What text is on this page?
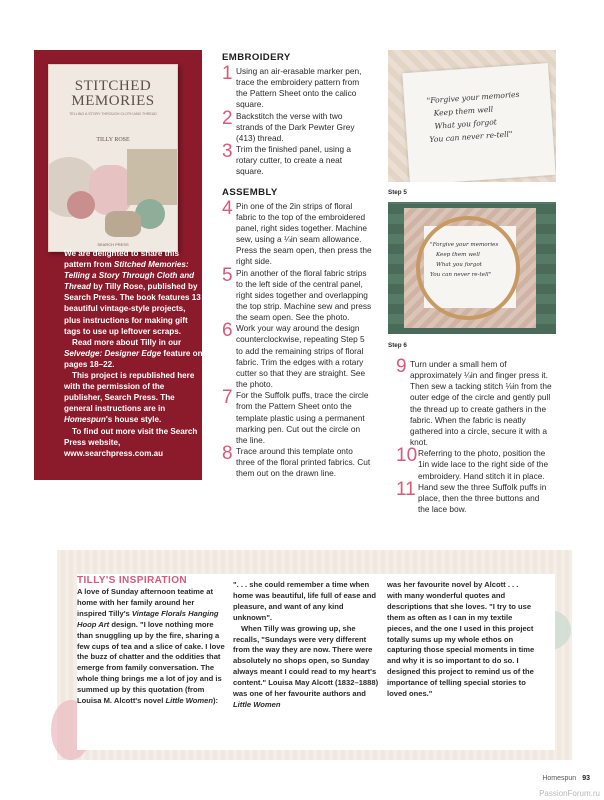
STITCHED
MEMORIES
TELLING A STORY THROUGH CLOTH AND THREAD
TILLY ROSE
SEARCH PRESS

We are delighted to share this pattern from Stitched Memories: Telling a Story Through Cloth and Thread by Tilly Rose, published by Search Press. The book features 13 beautiful vintage-style projects, plus instructions for making gift tags to use up leftover scraps.

Read more about Tilly in our Selvedge: Designer Edge feature on pages 18–22.

This project is republished here with the permission of the publisher, Search Press. The general instructions are in Homespun's house style.

To find out more visit the Search Press website,

www.searchpress.com.au

EMBROIDERY

1 Using an air-erasable marker pen, trace the embroidery pattern from the Pattern Sheet onto the calico square.

2 Backstitch the verse with two strands of the Dark Pewter Grey (413) thread.

3 Trim the finished panel, using a rotary cutter, to create a neat square.

ASSEMBLY

4 Pin one of the 2in strips of floral fabric to the top of the embroidered panel, right sides together. Machine sew, using a ¼in seam allowance. Press the seam open, then press the right side.

5 Pin another of the floral fabric strips to the left side of the central panel, right sides together and overlapping the top strip. Machine sew and press the seam open. See the photo.

6 Work your way around the design counterclockwise, repeating Step 5 to add the remaining strips of floral fabric. Trim the edges with a rotary cutter so that they are straight. See the photo.

7 For the Suffolk puffs, trace the circle from the Pattern Sheet onto the template plastic using a permanent marking pen. Cut out the circle on the line.

8 Trace around this template onto three of the floral printed fabrics. Cut them out on the drawn line.

"Forgive your memories
Keep them well
What you forgot
You can never re-tell"
Step 5
"Forgive your memories
Keep them well
What you forgot
You can never re-tell"
Step 6

9 Turn under a small hem of approximately ¼in and finger press it. Then sew a tacking stitch ⅛in from the outer edge of the circle and gently pull the thread up to create gathers in the fabric. When the fabric is neatly gathered into a circle, secure it with a knot.

10 Referring to the photo, position the 1in wide lace to the right side of the embroidery. Hand stitch it in place.

11 Hand sew the three Suffolk puffs in place, then the three buttons and the lace bow.

TILLY'S INSPIRATION

A love of Sunday afternoon teatime at home with her family around her inspired Tilly's Vintage Florals Hanging Hoop Art design. "I love nothing more than snuggling up by the fire, sharing a few cups of tea and a slice of cake. I love the buzz of chatter and the oddities that emerge from family conversation. The whole thing brings me a lot of joy and is summed up by this quotation (from Louisa M. Alcott's novel Little Women):

". . . she could remember a time when home was beautiful, life full of ease and pleasure, and want of any kind unknown".

When Tilly was growing up, she recalls, "Sundays were very different from the way they are now. There were absolutely no shops open, so Sunday always meant I could read to my heart's content." Louisa May Alcott (1832–1888) was one of her favourite authors and Little Women

was her favourite novel by Alcott . . . with many wonderful quotes and descriptions that she loves. "I try to use them as often as I can in my textile pieces, and the one I used in this project totally sums up my whole ethos on capturing those special moments in time and why it is so important to do so. I designed this project to remind us of the importance of telling special stories to loved ones."

Homespun 93
PassionForum.ru
